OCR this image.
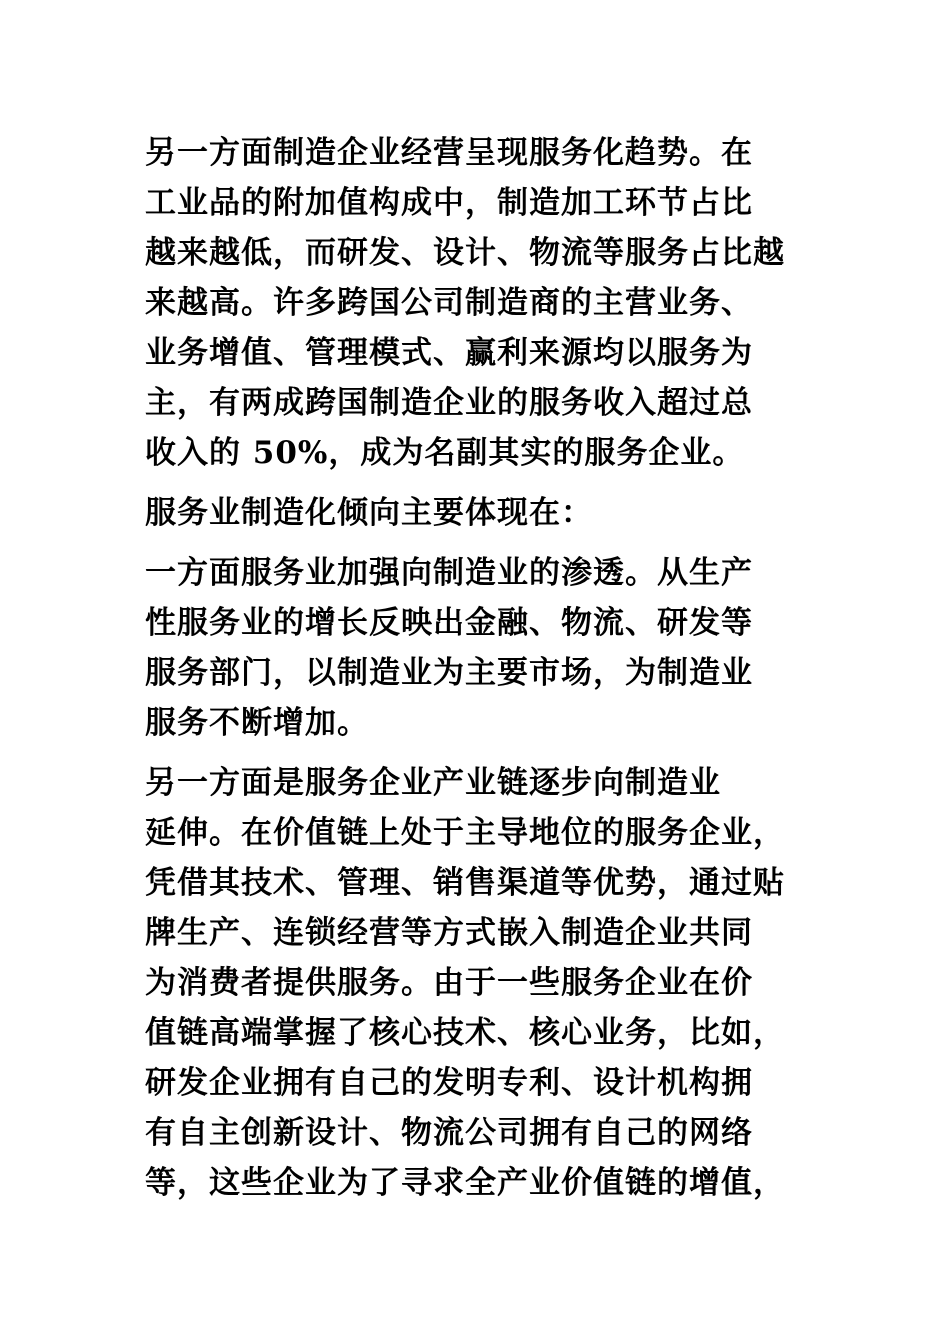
另一方面制造企业经营呈现服务化趋势。在
工业品的附加值构成中，制造加工环节占比
越来越低，而研发、设计、物流等服务占比越
来越高。许多跨国公司制造商的主营业务、
业务增值、管理模式、赢利来源均以服务为
主，有两成跨国制造企业的服务收入超过总
收入的 50%，成为名副其实的服务企业。

服务业制造化倾向主要体现在：

一方面服务业加强向制造业的渗透。从生产
性服务业的增长反映出金融、物流、研发等
服务部门，以制造业为主要市场，为制造业
服务不断增加。

另一方面是服务企业产业链逐步向制造业
延伸。在价值链上处于主导地位的服务企业，
凭借其技术、管理、销售渠道等优势，通过贴
牌生产、连锁经营等方式嵌入制造企业共同
为消费者提供服务。由于一些服务企业在价
值链高端掌握了核心技术、核心业务，比如，
研发企业拥有自己的发明专利、设计机构拥
有自主创新设计、物流公司拥有自己的网络
等，这些企业为了寻求全产业价值链的增值，
